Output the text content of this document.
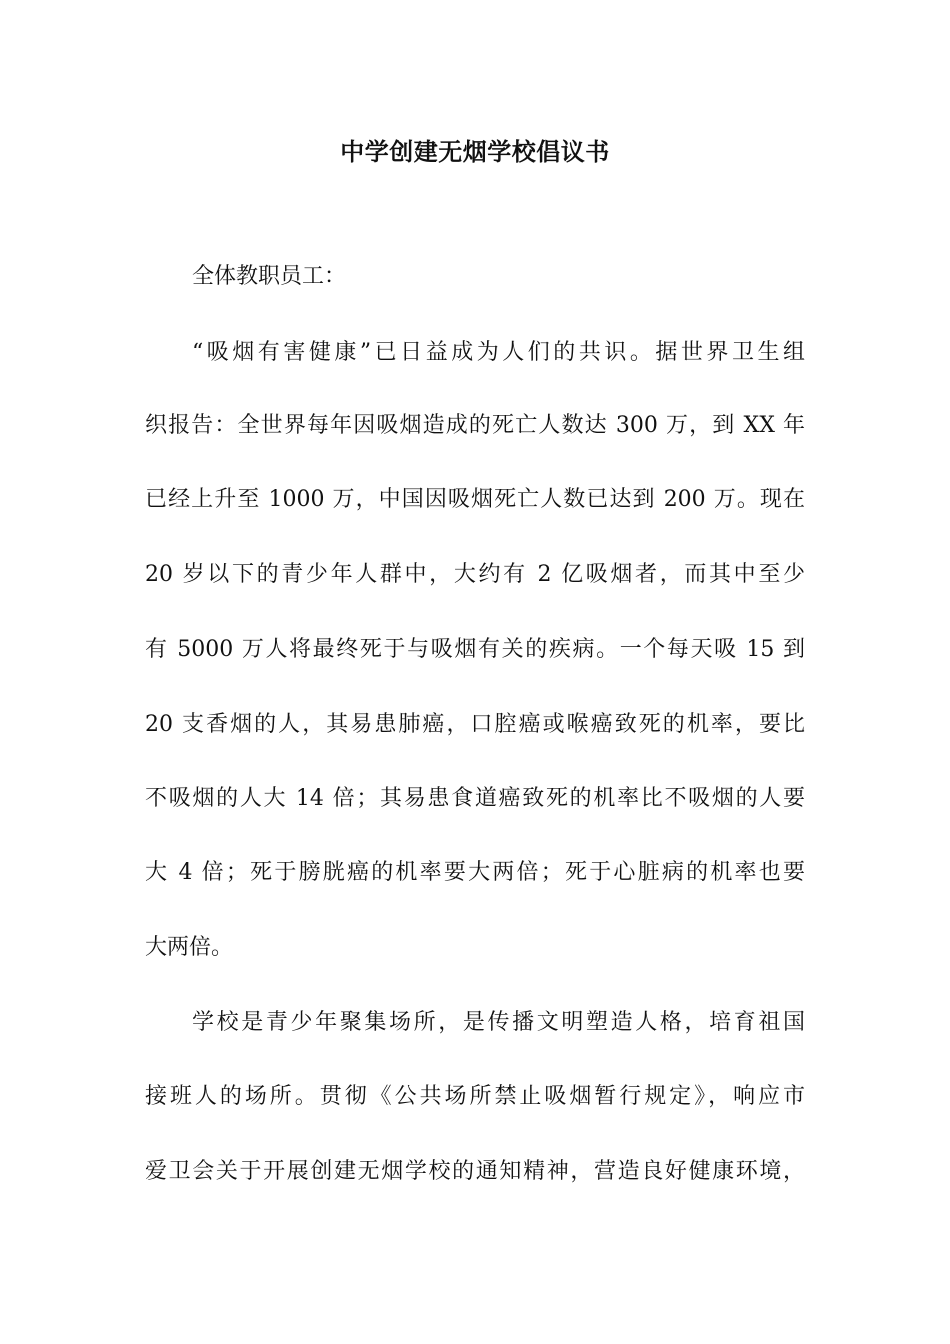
中学创建无烟学校倡议书
全体教职员工：
“吸烟有害健康”已日益成为人们的共识。据世界卫生组
织报告：全世界每年因吸烟造成的死亡人数达 300 万，到 XX 年
已经上升至 1000 万，中国因吸烟死亡人数已达到 200 万。现在
20 岁以下的青少年人群中，大约有 2 亿吸烟者，而其中至少
有 5000 万人将最终死于与吸烟有关的疾病。一个每天吸 15 到
20 支香烟的人，其易患肺癌，口腔癌或喉癌致死的机率，要比
不吸烟的人大 14 倍；其易患食道癌致死的机率比不吸烟的人要
大 4 倍；死于膀胱癌的机率要大两倍；死于心脏病的机率也要
大两倍。
学校是青少年聚集场所，是传播文明塑造人格，培育祖国
接班人的场所。贯彻《公共场所禁止吸烟暂行规定》，响应市
爱卫会关于开展创建无烟学校的通知精神，营造良好健康环境，
